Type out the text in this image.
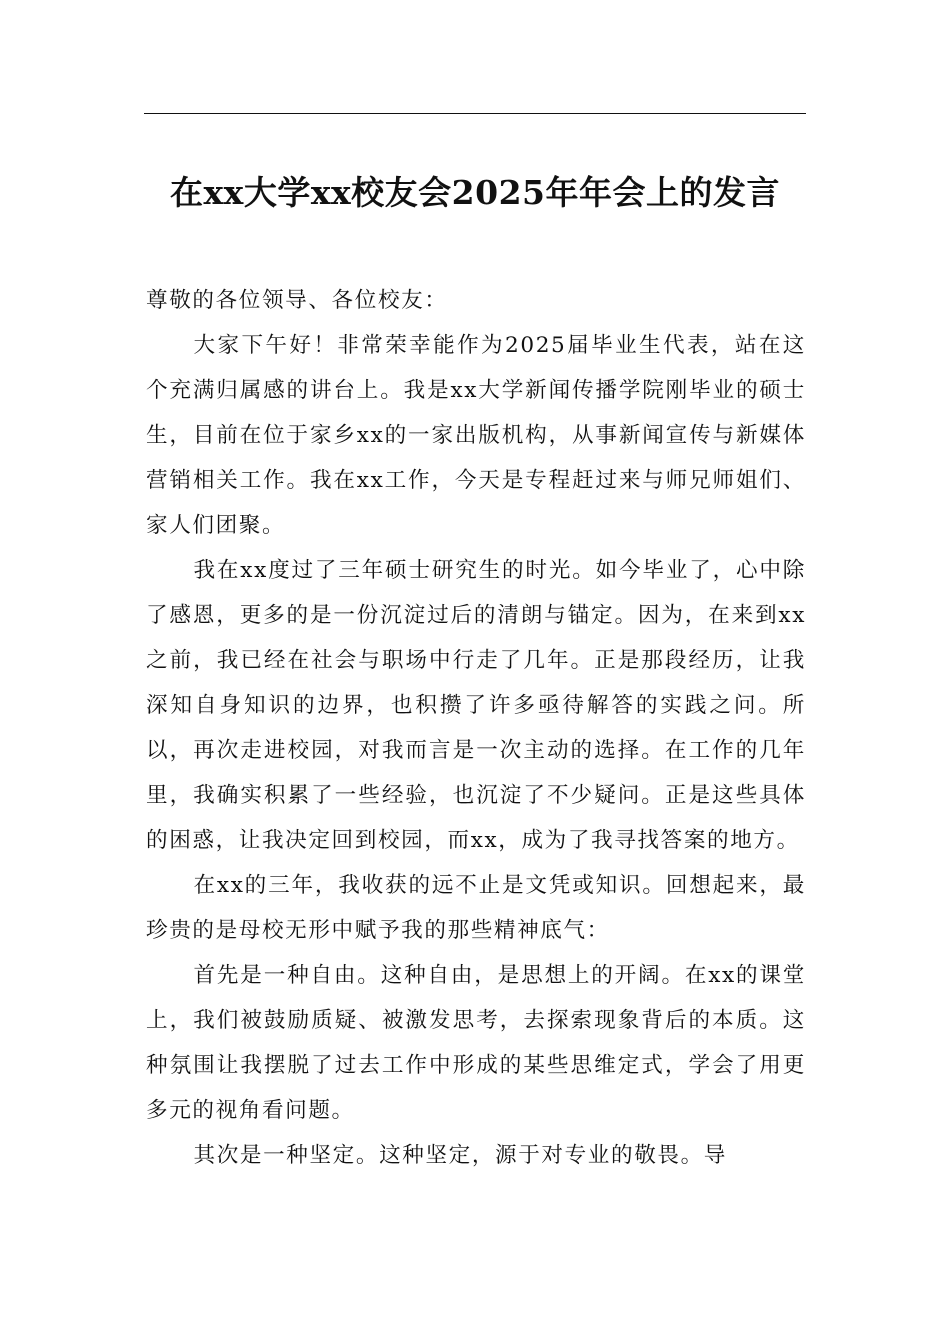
在xx大学xx校友会2025年年会上的发言

尊敬的各位领导、各位校友：

大家下午好！非常荣幸能作为2025届毕业生代表，站在这个充满归属感的讲台上。我是xx大学新闻传播学院刚毕业的硕士生，目前在位于家乡xx的一家出版机构，从事新闻宣传与新媒体营销相关工作。我在xx工作，今天是专程赶过来与师兄师姐们、家人们团聚。

我在xx度过了三年硕士研究生的时光。如今毕业了，心中除了感恩，更多的是一份沉淀过后的清朗与锚定。因为，在来到xx之前，我已经在社会与职场中行走了几年。正是那段经历，让我深知自身知识的边界，也积攒了许多亟待解答的实践之问。所以，再次走进校园，对我而言是一次主动的选择。在工作的几年里，我确实积累了一些经验，也沉淀了不少疑问。正是这些具体的困惑，让我决定回到校园，而xx，成为了我寻找答案的地方。

在xx的三年，我收获的远不止是文凭或知识。回想起来，最珍贵的是母校无形中赋予我的那些精神底气：

首先是一种自由。这种自由，是思想上的开阔。在xx的课堂上，我们被鼓励质疑、被激发思考，去探索现象背后的本质。这种氛围让我摆脱了过去工作中形成的某些思维定式，学会了用更多元的视角看问题。

其次是一种坚定。这种坚定，源于对专业的敬畏。导
